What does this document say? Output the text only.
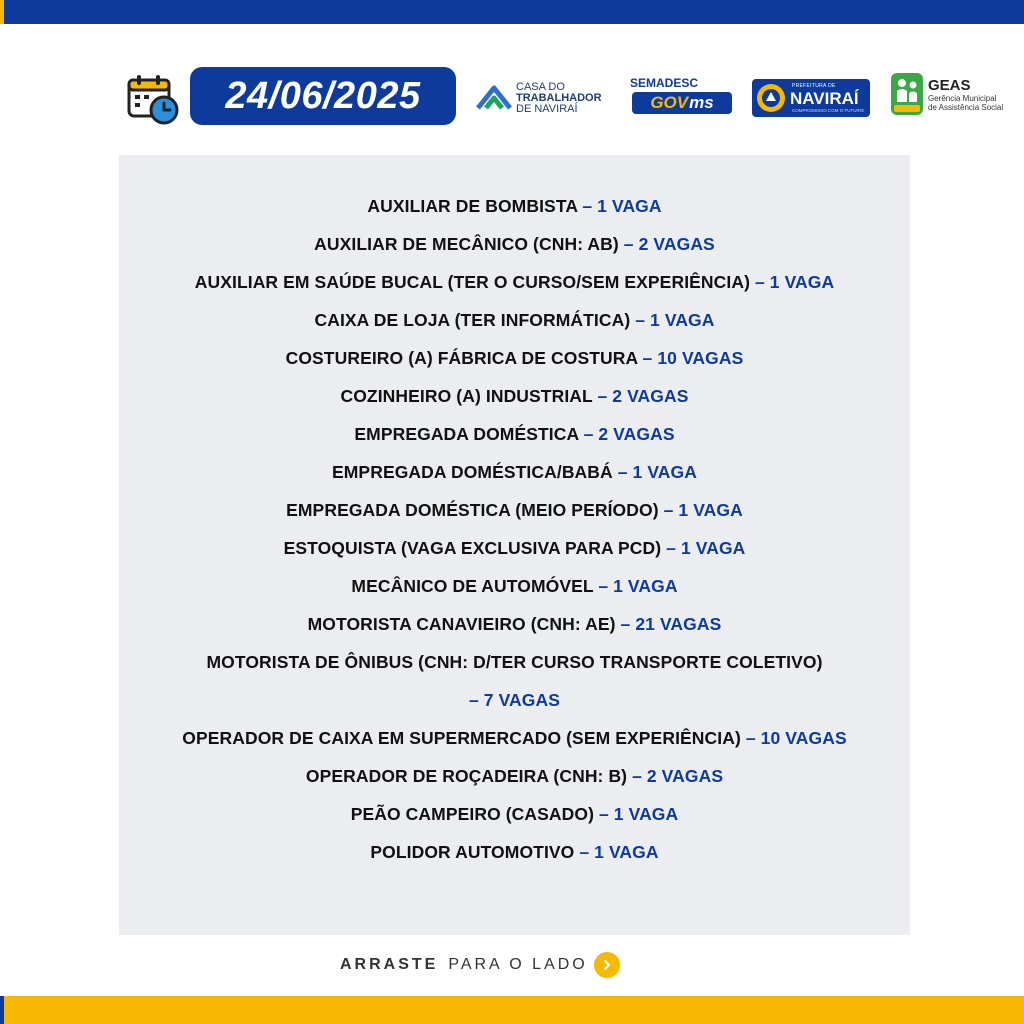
24/06/2025	CASA DO
TRABALHADOR
DE NAVIRAÍ
SEMADESC
GOV ms
PREFEITURA DE
NAVIRAÍ
COMPROMISSO COM O FUTURO!
GEAS
Gerência Municipal
de Assistência Social
AUXILIAR DE BOMBISTA – 1 VAGA
AUXILIAR DE MECÂNICO (CNH: AB) – 2 VAGAS
AUXILIAR EM SAÚDE BUCAL (TER O CURSO/SEM EXPERIÊNCIA) – 1 VAGA
CAIXA DE LOJA (TER INFORMÁTICA) – 1 VAGA
COSTUREIRO (A) FÁBRICA DE COSTURA – 10 VAGAS
COZINHEIRO (A) INDUSTRIAL – 2 VAGAS
EMPREGADA DOMÉSTICA – 2 VAGAS
EMPREGADA DOMÉSTICA/BABÁ – 1 VAGA
EMPREGADA DOMÉSTICA (MEIO PERÍODO) – 1 VAGA
ESTOQUISTA (VAGA EXCLUSIVA PARA PCD) – 1 VAGA
MECÂNICO DE AUTOMÓVEL – 1 VAGA
MOTORISTA CANAVIEIRO (CNH: AE) – 21 VAGAS
MOTORISTA DE ÔNIBUS (CNH: D/TER CURSO TRANSPORTE COLETIVO)
– 7 VAGAS
OPERADOR DE CAIXA EM SUPERMERCADO (SEM EXPERIÊNCIA) – 10 VAGAS
OPERADOR DE ROÇADEIRA (CNH: B) – 2 VAGAS
PEÃO CAMPEIRO (CASADO) – 1 VAGA
POLIDOR AUTOMOTIVO – 1 VAGA
ARRASTE PARA O LADO
